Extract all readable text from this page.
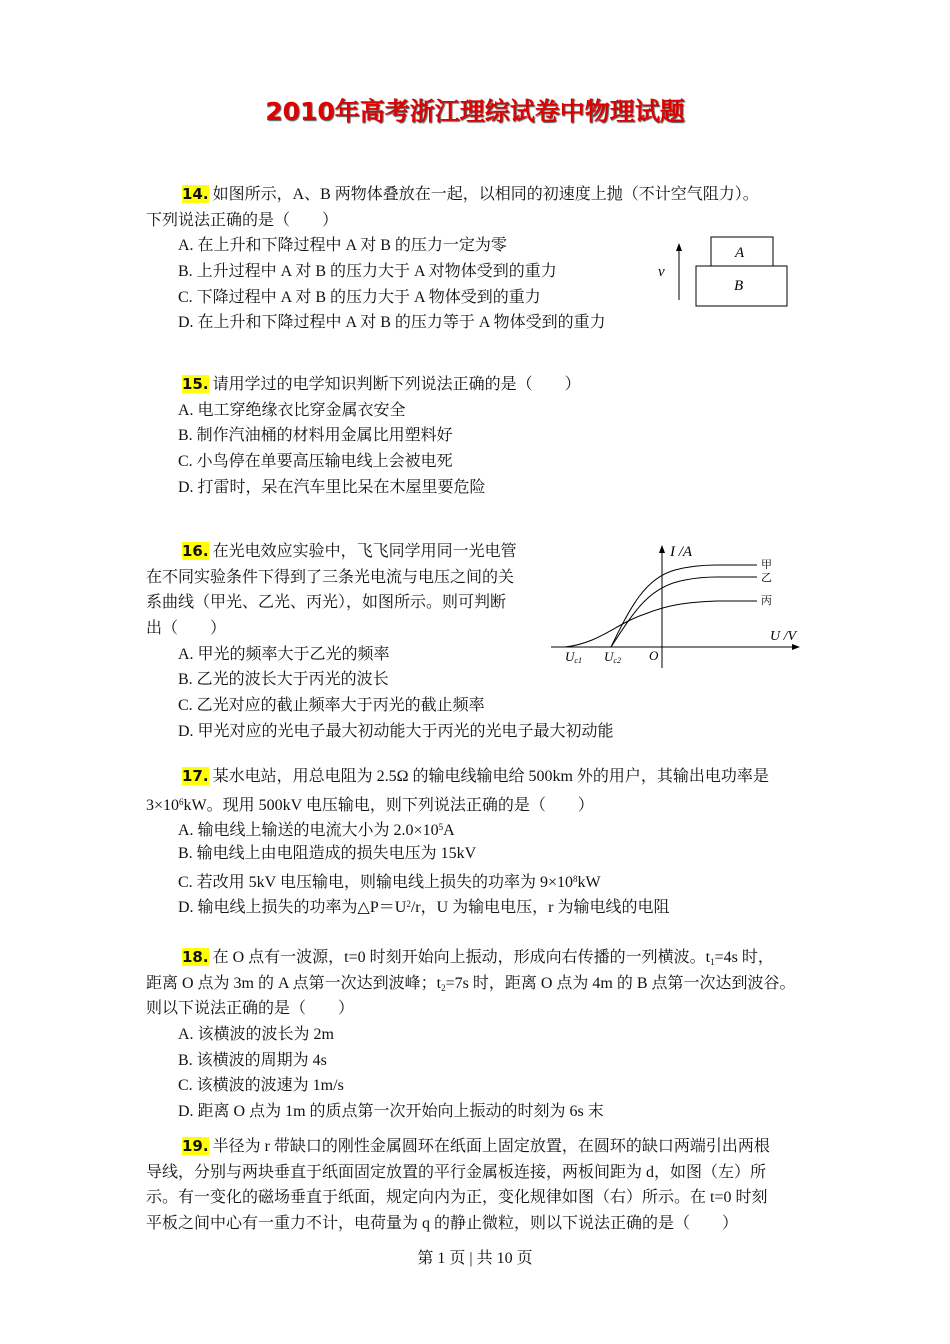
2010年高考浙江理综试卷中物理试题
14. 如图所示，A、B 两物体叠放在一起，以相同的初速度上抛（不计空气阻力）。
下列说法正确的是（　　）
A. 在上升和下降过程中 A 对 B 的压力一定为零
B. 上升过程中 A 对 B 的压力大于 A 对物体受到的重力
C. 下降过程中 A 对 B 的压力大于 A 物体受到的重力
D. 在上升和下降过程中 A 对 B 的压力等于 A 物体受到的重力
v
A
B
15. 请用学过的电学知识判断下列说法正确的是（　　）
A. 电工穿绝缘衣比穿金属衣安全
B. 制作汽油桶的材料用金属比用塑料好
C. 小鸟停在单要高压输电线上会被电死
D. 打雷时，呆在汽车里比呆在木屋里要危险
16. 在光电效应实验中，飞飞同学用同一光电管
在不同实验条件下得到了三条光电流与电压之间的关
系曲线（甲光、乙光、丙光），如图所示。则可判断
出（　　）
A. 甲光的频率大于乙光的频率
B. 乙光的波长大于丙光的波长
C. 乙光对应的截止频率大于丙光的截止频率
D. 甲光对应的光电子最大初动能大于丙光的光电子最大初动能
I /A
U /V
甲
乙
丙
Uc1 Uc2 O
17. 某水电站，用总电阻为 2.5Ω 的输电线输电给 500km 外的用户，其输出电功率是
$3\times 10^6kW$。现用 500kV 电压输电，则下列说法正确的是（　　）
A. 输电线上输送的电流大小为 $2.0\times 10^5A$
B. 输电线上由电阻造成的损失电压为 15kV
C. 若改用 5kV 电压输电，则输电线上损失的功率为 $9\times 10^8kW$
D. 输电线上损失的功率为$\triangle P=U^2/r$，U 为输电电压，r 为输电线的电阻
18. 在 O 点有一波源，t=0 时刻开始向上振动，形成向右传播的一列横波。$t_1=4s$ 时，
距离 O 点为 3m 的 A 点第一次达到波峰；$t_2=7s$ 时，距离 O 点为 4m 的 B 点第一次达到波谷。
则以下说法正确的是（　　）
A. 该横波的波长为 2m
B. 该横波的周期为 4s
C. 该横波的波速为 1m/s
D. 距离 O 点为 1m 的质点第一次开始向上振动的时刻为 6s 末
19. 半径为 r 带缺口的刚性金属圆环在纸面上固定放置，在圆环的缺口两端引出两根
导线，分别与两块垂直于纸面固定放置的平行金属板连接，两板间距为 d，如图（左）所
示。有一变化的磁场垂直于纸面，规定向内为正，变化规律如图（右）所示。在 t=0 时刻
平板之间中心有一重力不计，电荷量为 q 的静止微粒，则以下说法正确的是（　　）
第 1 页 | 共 10 页
